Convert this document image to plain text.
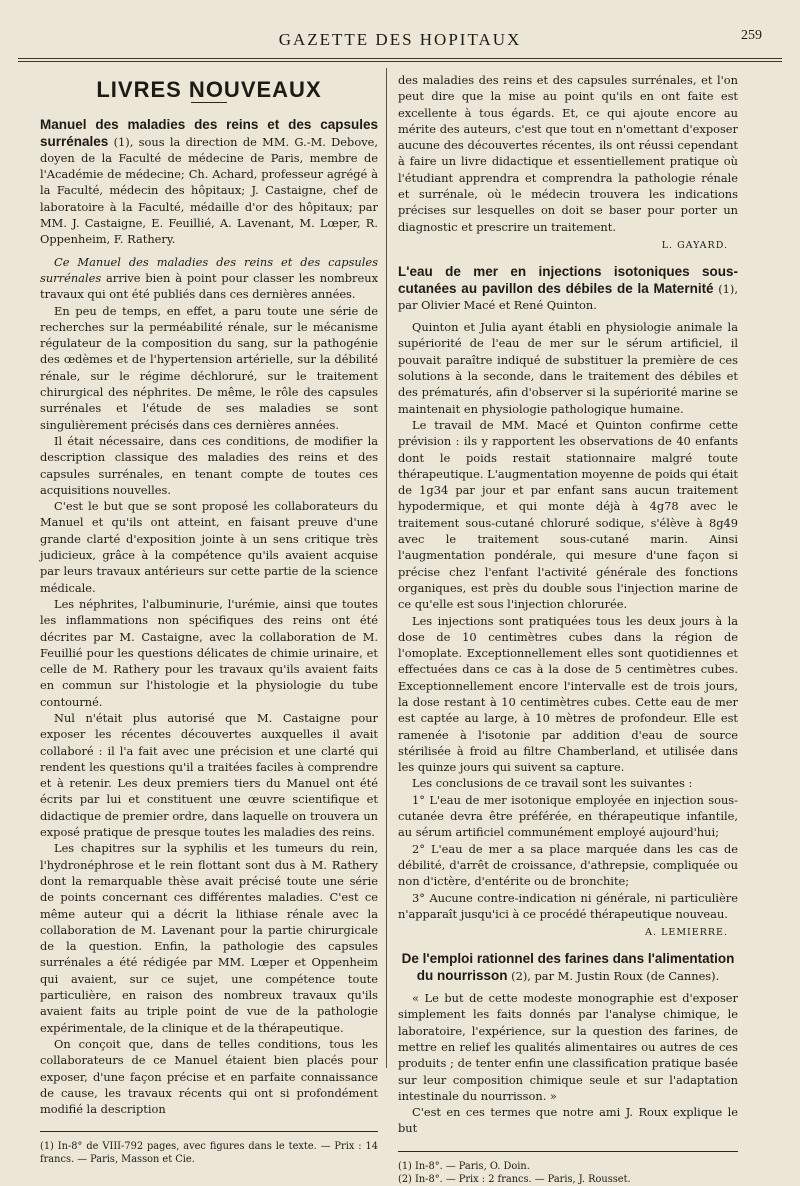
GAZETTE DES HOPITAUX	259
LIVRES NOUVEAUX

Manuel des maladies des reins et des capsules surrénales (1), sous la direction de MM. G.-M. Debove, doyen de la Faculté de médecine de Paris, membre de l'Académie de médecine; Ch. Achard, professeur agrégé à la Faculté, médecin des hôpitaux; J. Castaigne, chef de laboratoire à la Faculté, médaille d'or des hôpitaux; par MM. J. Castaigne, E. Feuillié, A. Lavenant, M. Lœper, R. Oppenheim, F. Rathery.

Ce Manuel des maladies des reins et des capsules surrénales arrive bien à point pour classer les nombreux travaux qui ont été publiés dans ces dernières années.

En peu de temps, en effet, a paru toute une série de recherches sur la perméabilité rénale, sur le mécanisme régulateur de la composition du sang, sur la pathogénie des œdèmes et de l'hypertension artérielle, sur la débilité rénale, sur le régime déchloruré, sur le traitement chirurgical des néphrites. De même, le rôle des capsules surrénales et l'étude de ses maladies se sont singulièrement précisés dans ces dernières années.

Il était nécessaire, dans ces conditions, de modifier la description classique des maladies des reins et des capsules surrénales, en tenant compte de toutes ces acquisitions nouvelles.

C'est le but que se sont proposé les collaborateurs du Manuel et qu'ils ont atteint, en faisant preuve d'une grande clarté d'exposition jointe à un sens critique très judicieux, grâce à la compétence qu'ils avaient acquise par leurs travaux antérieurs sur cette partie de la science médicale.

Les néphrites, l'albuminurie, l'urémie, ainsi que toutes les inflammations non spécifiques des reins ont été décrites par M. Castaigne, avec la collaboration de M. Feuillié pour les questions délicates de chimie urinaire, et celle de M. Rathery pour les travaux qu'ils avaient faits en commun sur l'histologie et la physiologie du tube contourné.

Nul n'était plus autorisé que M. Castaigne pour exposer les récentes découvertes auxquelles il avait collaboré : il l'a fait avec une précision et une clarté qui rendent les questions qu'il a traitées faciles à comprendre et à retenir. Les deux premiers tiers du Manuel ont été écrits par lui et constituent une œuvre scientifique et didactique de premier ordre, dans laquelle on trouvera un exposé pratique de presque toutes les maladies des reins.

Les chapitres sur la syphilis et les tumeurs du rein, l'hydronéphrose et le rein flottant sont dus à M. Rathery dont la remarquable thèse avait précisé toute une série de points concernant ces différentes maladies. C'est ce même auteur qui a décrit la lithiase rénale avec la collaboration de M. Lavenant pour la partie chirurgicale de la question. Enfin, la pathologie des capsules surrénales a été rédigée par MM. Lœper et Oppenheim qui avaient, sur ce sujet, une compétence toute particulière, en raison des nombreux travaux qu'ils avaient faits au triple point de vue de la pathologie expérimentale, de la clinique et de la thérapeutique.

On conçoit que, dans de telles conditions, tous les collaborateurs de ce Manuel étaient bien placés pour exposer, d'une façon précise et en parfaite connaissance de cause, les travaux récents qui ont si profondément modifié la description

(1) In-8° de VIII-792 pages, avec figures dans le texte. — Prix : 14 francs. — Paris, Masson et Cie.

des maladies des reins et des capsules surrénales, et l'on peut dire que la mise au point qu'ils en ont faite est excellente à tous égards. Et, ce qui ajoute encore au mérite des auteurs, c'est que tout en n'omettant d'exposer aucune des découvertes récentes, ils ont réussi cependant à faire un livre didactique et essentiellement pratique où l'étudiant apprendra et comprendra la pathologie rénale et surrénale, où le médecin trouvera les indications précises sur lesquelles on doit se baser pour porter un diagnostic et prescrire un traitement.

L. GAYARD.

L'eau de mer en injections isotoniques sous-cutanées au pavillon des débiles de la Maternité (1), par Olivier Macé et René Quinton.

Quinton et Julia ayant établi en physiologie animale la supériorité de l'eau de mer sur le sérum artificiel, il pouvait paraître indiqué de substituer la première de ces solutions à la seconde, dans le traitement des débiles et des prématurés, afin d'observer si la supériorité marine se maintenait en physiologie pathologique humaine.

Le travail de MM. Macé et Quinton confirme cette prévision : ils y rapportent les observations de 40 enfants dont le poids restait stationnaire malgré toute thérapeutique. L'augmentation moyenne de poids qui était de 1g34 par jour et par enfant sans aucun traitement hypodermique, et qui monte déjà à 4g78 avec le traitement sous-cutané chloruré sodique, s'élève à 8g49 avec le traitement sous-cutané marin. Ainsi l'augmentation pondérale, qui mesure d'une façon si précise chez l'enfant l'activité générale des fonctions organiques, est près du double sous l'injection marine de ce qu'elle est sous l'injection chlorurée.

Les injections sont pratiquées tous les deux jours à la dose de 10 centimètres cubes dans la région de l'omoplate. Exceptionnellement elles sont quotidiennes et effectuées dans ce cas à la dose de 5 centimètres cubes. Exceptionnellement encore l'intervalle est de trois jours, la dose restant à 10 centimètres cubes. Cette eau de mer est captée au large, à 10 mètres de profondeur. Elle est ramenée à l'isotonie par addition d'eau de source stérilisée à froid au filtre Chamberland, et utilisée dans les quinze jours qui suivent sa capture.

Les conclusions de ce travail sont les suivantes :

1° L'eau de mer isotonique employée en injection sous-cutanée devra être préférée, en thérapeutique infantile, au sérum artificiel communément employé aujourd'hui;

2° L'eau de mer a sa place marquée dans les cas de débilité, d'arrêt de croissance, d'athrepsie, compliquée ou non d'ictère, d'entérite ou de bronchite;

3° Aucune contre-indication ni générale, ni particulière n'apparaît jusqu'ici à ce procédé thérapeutique nouveau.

A. LEMIERRE.

De l'emploi rationnel des farines dans l'alimentation du nourrisson (2), par M. Justin Roux (de Cannes).

« Le but de cette modeste monographie est d'exposer simplement les faits donnés par l'analyse chimique, le laboratoire, l'expérience, sur la question des farines, de mettre en relief les qualités alimentaires ou autres de ces produits ; de tenter enfin une classification pratique basée sur leur composition chimique seule et sur l'adaptation intestinale du nourrisson. »

C'est en ces termes que notre ami J. Roux explique le but

(1) In-8°. — Paris, O. Doin.

(2) In-8°. — Prix : 2 francs. — Paris, J. Rousset.
